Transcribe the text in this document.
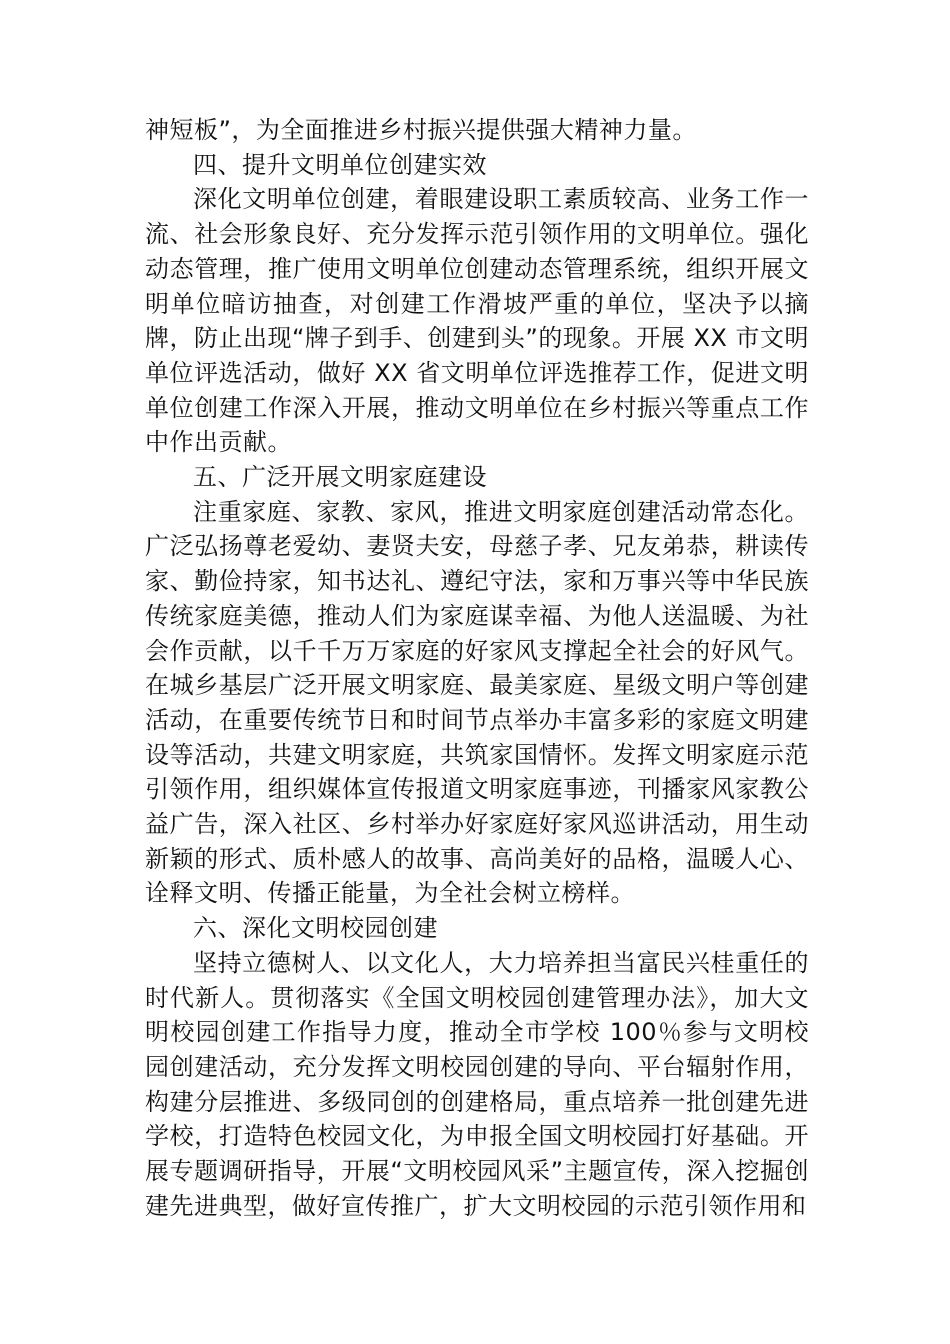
神短板”，为全面推进乡村振兴提供强大精神力量。

四、提升文明单位创建实效

深化文明单位创建，着眼建设职工素质较高、业务工作一流、社会形象良好、充分发挥示范引领作用的文明单位。强化动态管理，推广使用文明单位创建动态管理系统，组织开展文明单位暗访抽查，对创建工作滑坡严重的单位，坚决予以摘牌，防止出现“牌子到手、创建到头”的现象。开展 XX 市文明单位评选活动，做好 XX 省文明单位评选推荐工作，促进文明单位创建工作深入开展，推动文明单位在乡村振兴等重点工作中作出贡献。

五、广泛开展文明家庭建设

注重家庭、家教、家风，推进文明家庭创建活动常态化。广泛弘扬尊老爱幼、妻贤夫安，母慈子孝、兄友弟恭，耕读传家、勤俭持家，知书达礼、遵纪守法，家和万事兴等中华民族传统家庭美德，推动人们为家庭谋幸福、为他人送温暖、为社会作贡献，以千千万万家庭的好家风支撑起全社会的好风气。在城乡基层广泛开展文明家庭、最美家庭、星级文明户等创建活动，在重要传统节日和时间节点举办丰富多彩的家庭文明建设等活动，共建文明家庭，共筑家国情怀。发挥文明家庭示范引领作用，组织媒体宣传报道文明家庭事迹，刊播家风家教公益广告，深入社区、乡村举办好家庭好家风巡讲活动，用生动新颖的形式、质朴感人的故事、高尚美好的品格，温暖人心、诠释文明、传播正能量，为全社会树立榜样。

六、深化文明校园创建

坚持立德树人、以文化人，大力培养担当富民兴桂重任的时代新人。贯彻落实《全国文明校园创建管理办法》，加大文明校园创建工作指导力度，推动全市学校 100％参与文明校园创建活动，充分发挥文明校园创建的导向、平台辐射作用，构建分层推进、多级同创的创建格局，重点培养一批创建先进学校，打造特色校园文化，为申报全国文明校园打好基础。开展专题调研指导，开展“文明校园风采”主题宣传，深入挖掘创建先进典型，做好宣传推广，扩大文明校园的示范引领作用和
